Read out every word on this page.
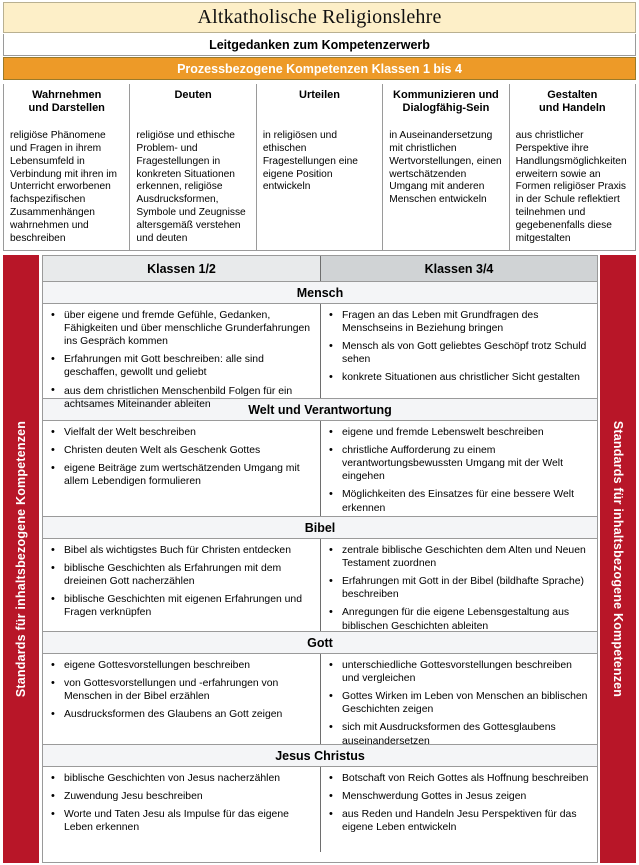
Altkatholische Religionslehre
Leitgedanken zum Kompetenzerwerb
Prozessbezogene Kompetenzen Klassen 1 bis 4
Wahrnehmen
und Darstellen
religiöse Phänomene und Fragen in ihrem Lebensumfeld in Verbindung mit ihren im Unterricht erworbenen fachspezifischen Zusammenhängen wahrnehmen und beschreiben
Deuten
religiöse und ethische Problem- und Fragestellungen in konkreten Situationen erkennen, religiöse Ausdrucksformen, Symbole und Zeugnisse altersgemäß verstehen und deuten
Urteilen
in religiösen und ethischen Fragestellungen eine eigene Position entwickeln
Kommunizieren und
Dialogfähig-Sein
in Auseinandersetzung mit christlichen Wertvorstellungen, einen wertschätzenden Umgang mit anderen Menschen entwickeln
Gestalten
und Handeln
aus christlicher Perspektive ihre Handlungsmöglichkeiten erweitern sowie an Formen religiöser Praxis in der Schule reflektiert teilnehmen und gegebenenfalls diese mitgestalten
Standards für inhaltsbezogene Kompetenzen	Standards für inhaltsbezogene Kompetenzen
Klassen 1/2	Klassen 3/4
Mensch
• über eigene und fremde Gefühle, Gedanken, Fähigkeiten und über menschliche Grunderfahrungen ins Gespräch kommen
• Erfahrungen mit Gott beschreiben: alle sind geschaffen, gewollt und geliebt
• aus dem christlichen Menschenbild Folgen für ein achtsames Miteinander ableiten
• Fragen an das Leben mit Grundfragen des Menschseins in Beziehung bringen
• Mensch als von Gott geliebtes Geschöpf trotz Schuld sehen
• konkrete Situationen aus christlicher Sicht gestalten
Welt und Verantwortung
• Vielfalt der Welt beschreiben
• Christen deuten Welt als Geschenk Gottes
• eigene Beiträge zum wertschätzenden Umgang mit allem Lebendigen formulieren
• eigene und fremde Lebenswelt beschreiben
• christliche Aufforderung zu einem verantwortungsbewussten Umgang mit der Welt eingehen
• Möglichkeiten des Einsatzes für eine bessere Welt erkennen
Bibel
• Bibel als wichtigstes Buch für Christen entdecken
• biblische Geschichten als Erfahrungen mit dem dreieinen Gott nacherzählen
• biblische Geschichten mit eigenen Erfahrungen und Fragen verknüpfen
• zentrale biblische Geschichten dem Alten und Neuen Testament zuordnen
• Erfahrungen mit Gott in der Bibel (bildhafte Sprache) beschreiben
• Anregungen für die eigene Lebensgestaltung aus biblischen Geschichten ableiten
Gott
• eigene Gottesvorstellungen beschreiben
• von Gottesvorstellungen und -erfahrungen von Menschen in der Bibel erzählen
• Ausdrucksformen des Glaubens an Gott zeigen
• unterschiedliche Gottesvorstellungen beschreiben und vergleichen
• Gottes Wirken im Leben von Menschen an biblischen Geschichten zeigen
• sich mit Ausdrucksformen des Gottesglaubens auseinandersetzen
Jesus Christus
• biblische Geschichten von Jesus nacherzählen
• Zuwendung Jesu beschreiben
• Worte und Taten Jesu als Impulse für das eigene Leben erkennen
• Botschaft von Reich Gottes als Hoffnung beschreiben
• Menschwerdung Gottes in Jesus zeigen
• aus Reden und Handeln Jesu Perspektiven für das eigene Leben entwickeln
